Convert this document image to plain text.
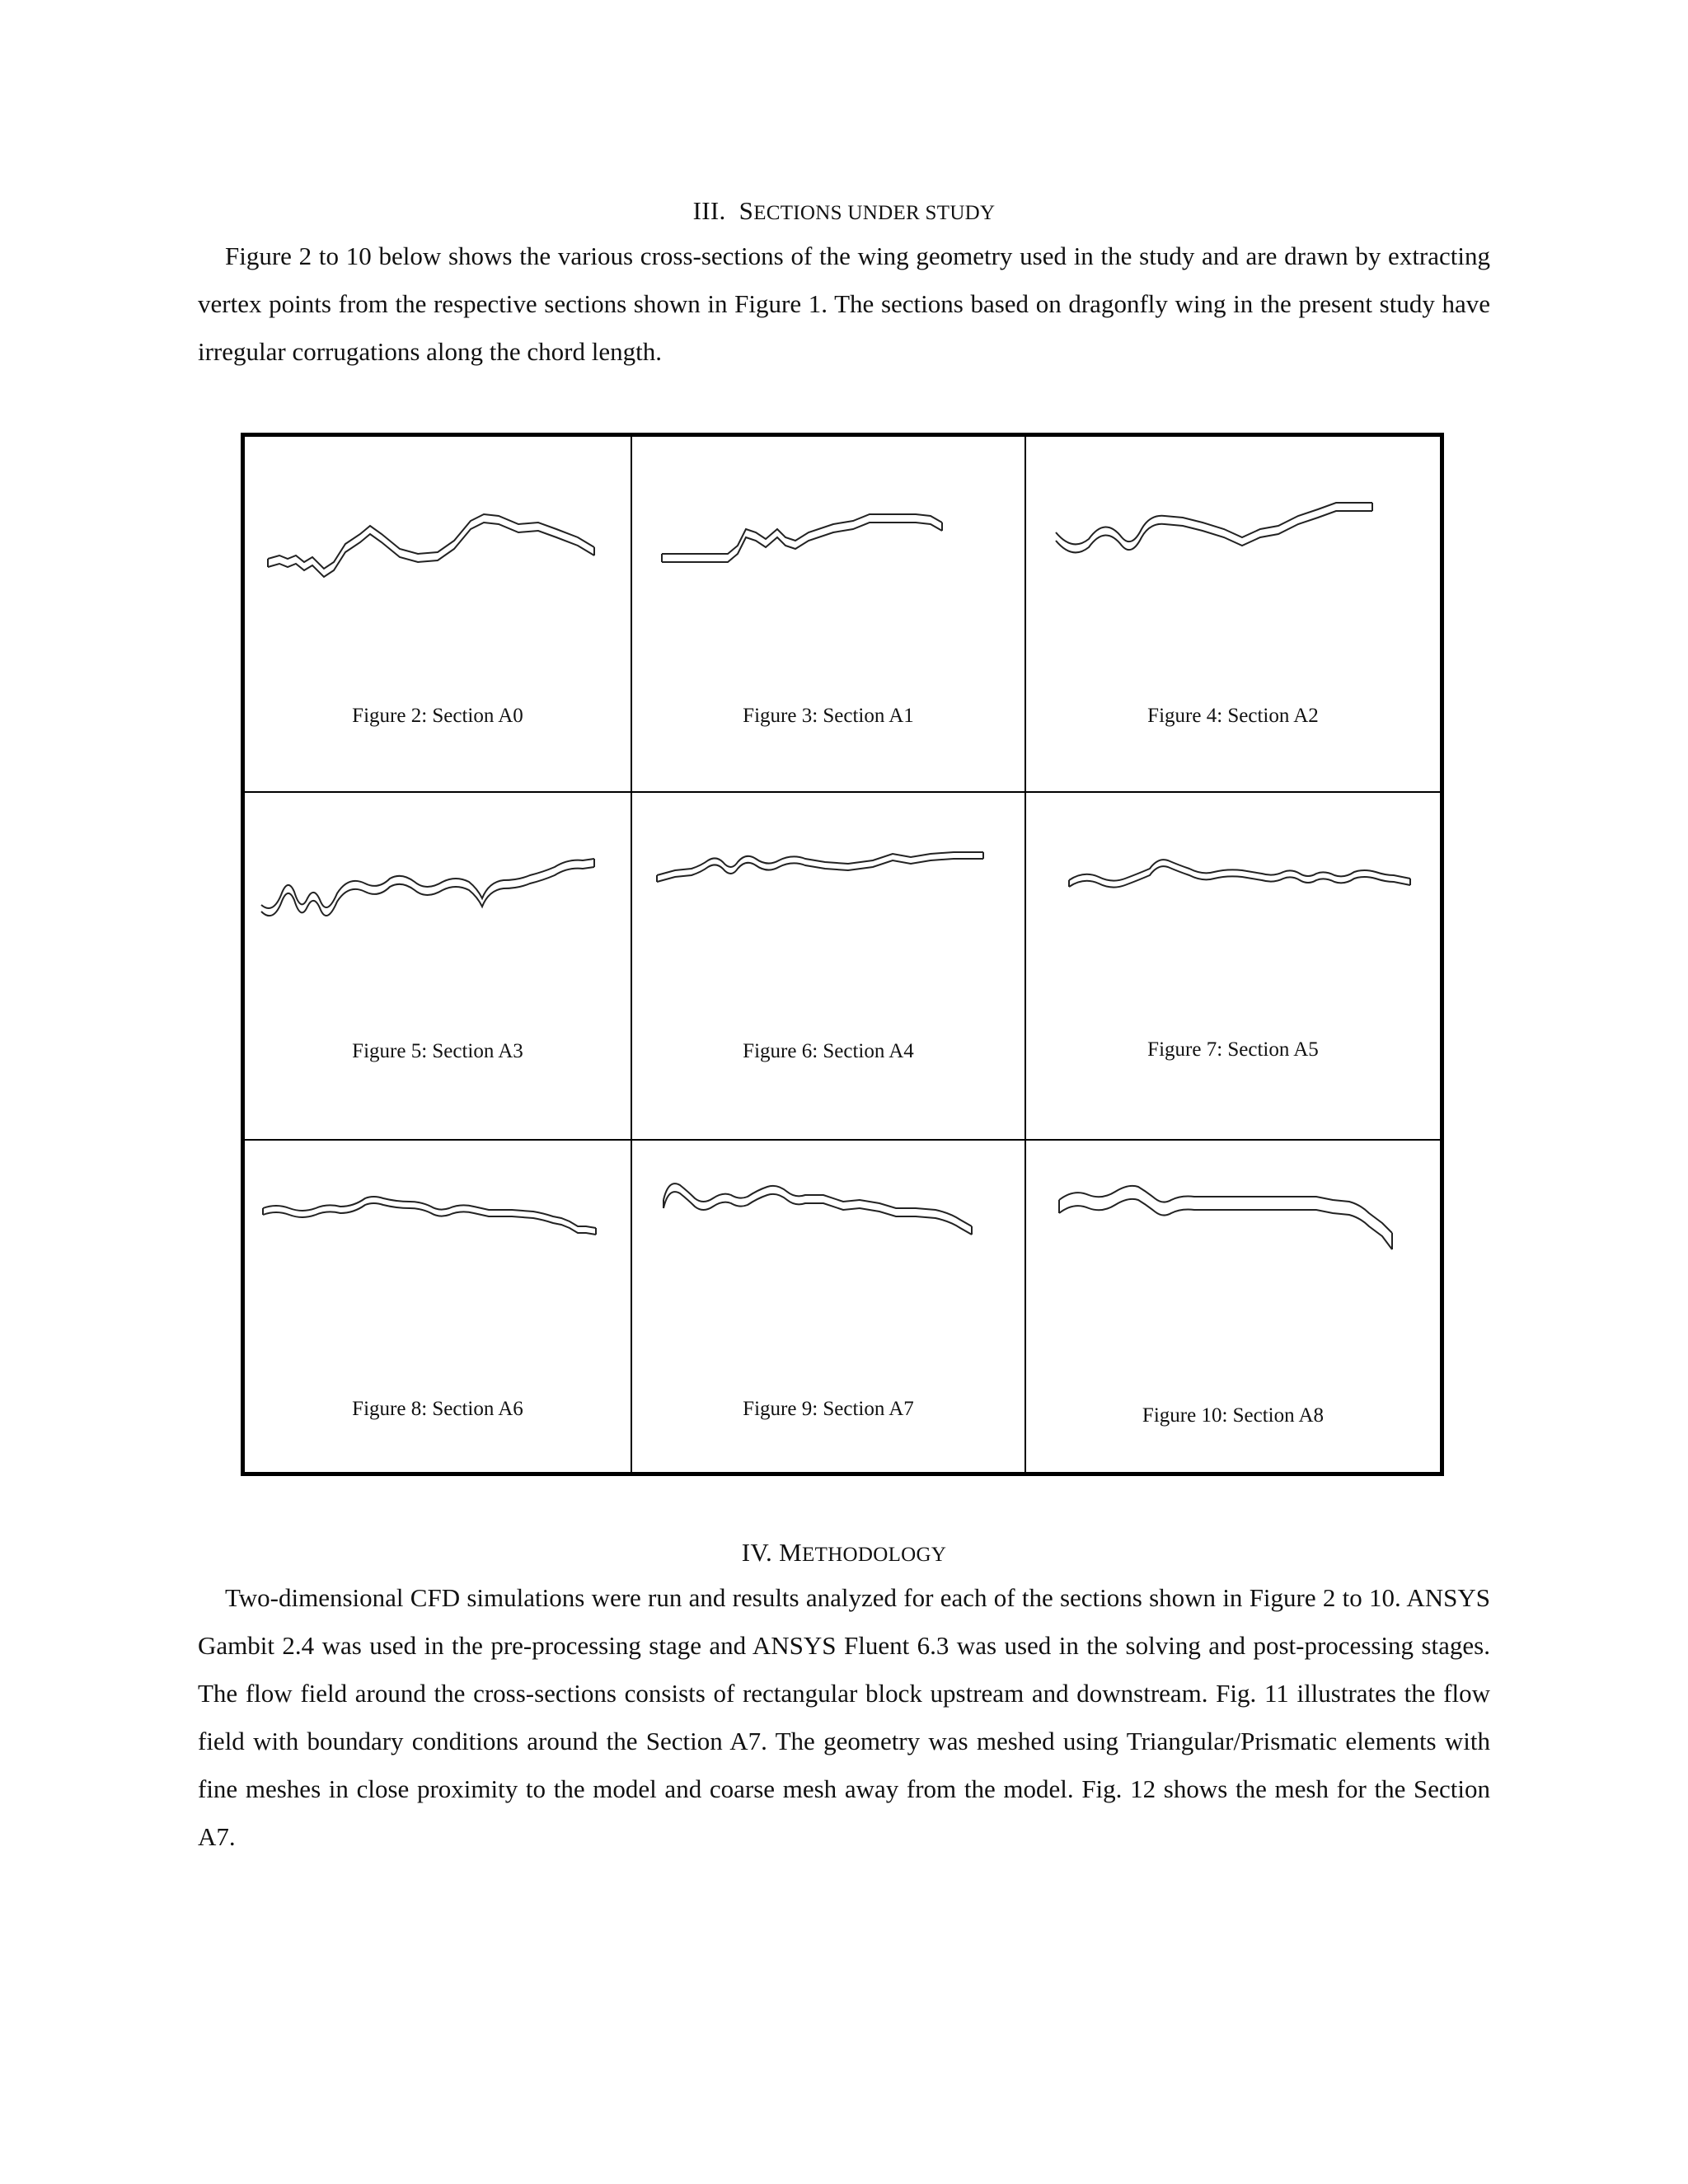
III. SECTIONS UNDER STUDY

Figure 2 to 10 below shows the various cross-sections of the wing geometry used in the study and are drawn by extracting vertex points from the respective sections shown in Figure 1. The sections based on dragonfly wing in the present study have irregular corrugations along the chord length.

Figure 2: Section A0	Figure 3: Section A1	Figure 4: Section A2
Figure 5: Section A3	Figure 6: Section A4	Figure 7: Section A5
Figure 8: Section A6	Figure 9: Section A7	Figure 10: Section A8
IV. METHODOLOGY

Two-dimensional CFD simulations were run and results analyzed for each of the sections shown in Figure 2 to 10. ANSYS Gambit 2.4 was used in the pre-processing stage and ANSYS Fluent 6.3 was used in the solving and post-processing stages. The flow field around the cross-sections consists of rectangular block upstream and downstream. Fig. 11 illustrates the flow field with boundary conditions around the Section A7. The geometry was meshed using Triangular/Prismatic elements with fine meshes in close proximity to the model and coarse mesh away from the model. Fig. 12 shows the mesh for the Section A7.
